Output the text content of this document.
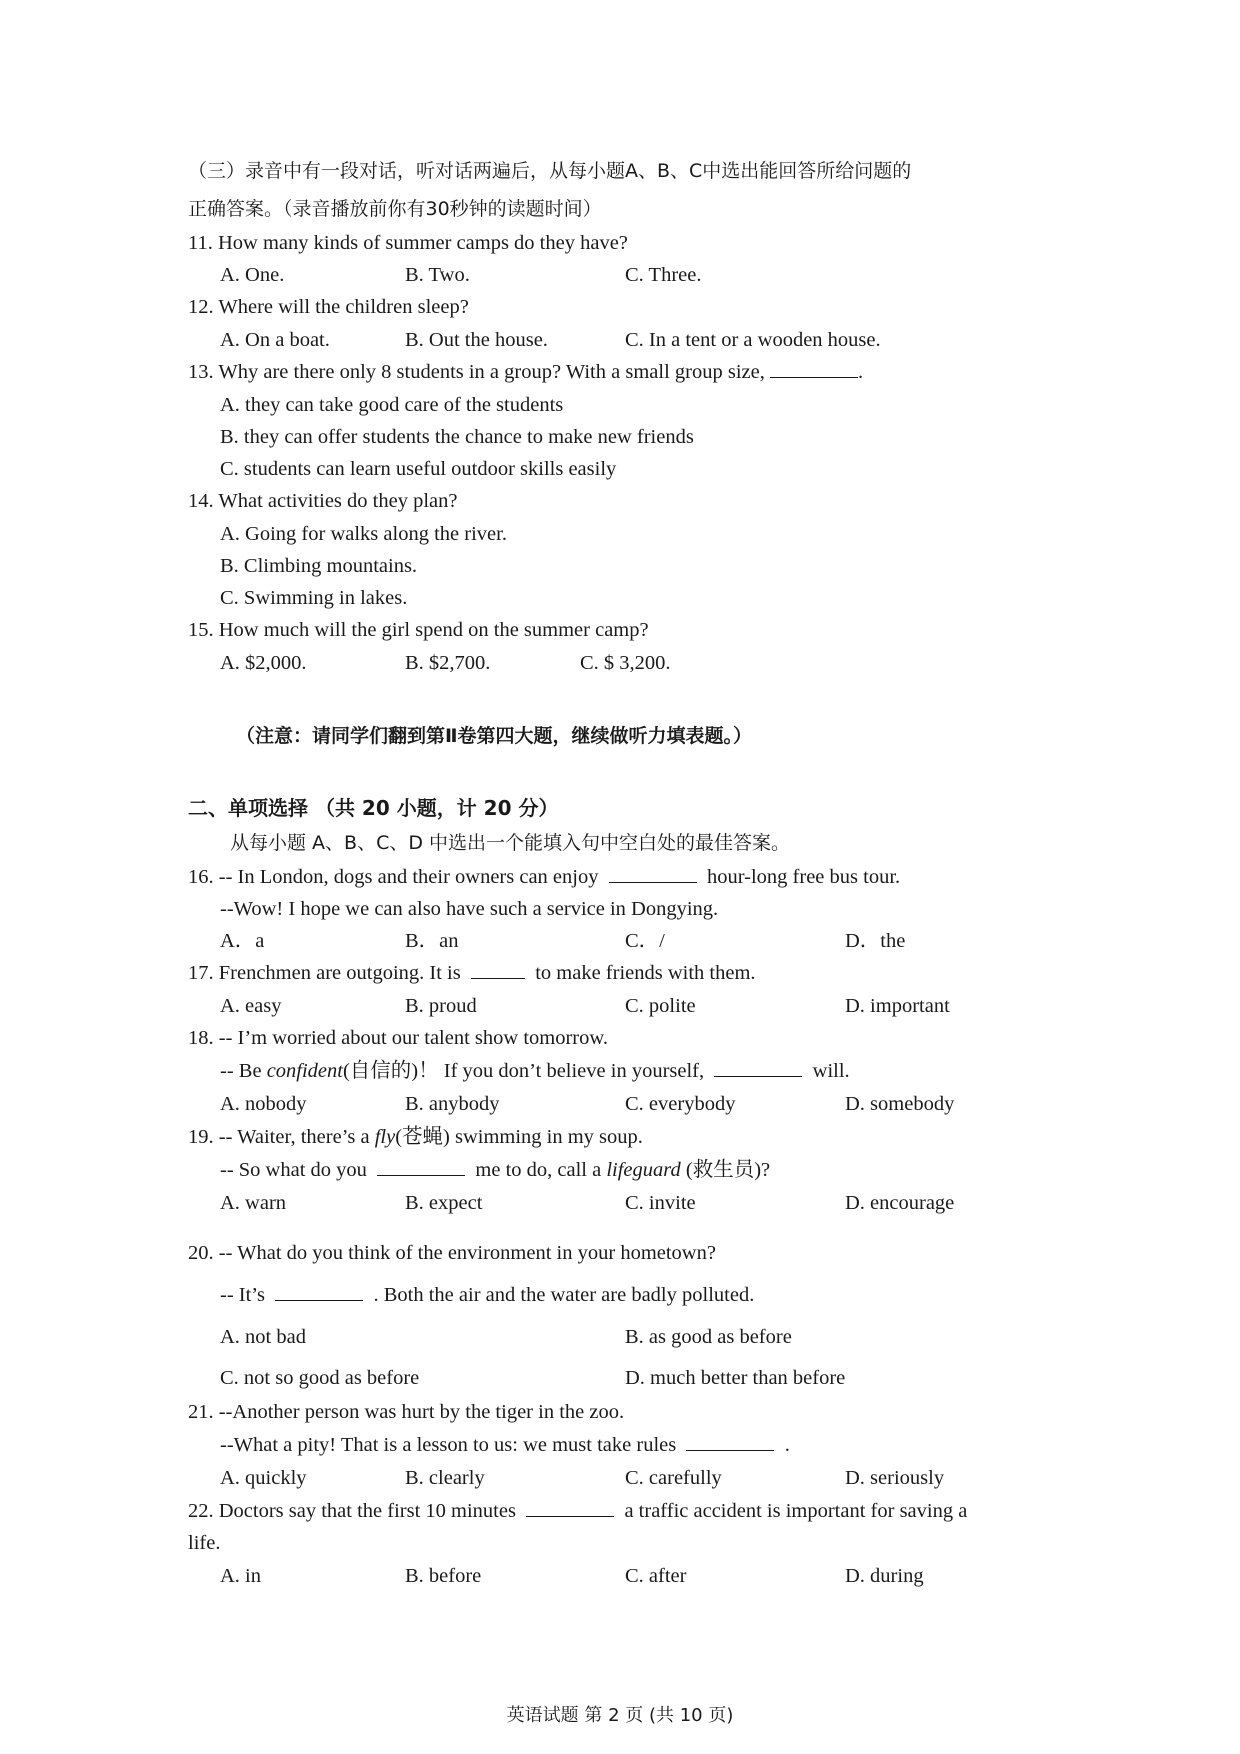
（三）录音中有一段对话，听对话两遍后，从每小题A、B、C中选出能回答所给问题的
正确答案。（录音播放前你有30秒钟的读题时间）
11. How many kinds of summer camps do they have?
A. One.	B. Two.	C. Three.
12. Where will the children sleep?
A. On a boat.	B. Out the house.	C. In a tent or a wooden house.
13. Why are there only 8 students in a group? With a small group size,	.
A. they can take good care of the students
B. they can offer students the chance to make new friends
C. students can learn useful outdoor skills easily
14. What activities do they plan?
A. Going for walks along the river.
B. Climbing mountains.
C. Swimming in lakes.
15. How much will the girl spend on the summer camp?
A. $2,000.	B. $2,700.	C. $ 3,200.
（注意：请同学们翻到第Ⅱ卷第四大题，继续做听力填表题。）
二、单项选择 （共 20 小题，计 20 分）
从每小题 A、B、C、D 中选出一个能填入句中空白处的最佳答案。
16. -- In London, dogs and their owners can enjoy	hour-long free bus tour.
--Wow! I hope we can also have such a service in Dongying.
A．a	B．an	C．/	D．the
17. Frenchmen are outgoing. It is	to make friends with them.
A. easy	B. proud	C. polite	D. important
18. -- I’m worried about our talent show tomorrow.
-- Be confident(自信的)！ If you don’t believe in yourself,	will.
A. nobody	B. anybody	C. everybody	D. somebody
19. -- Waiter, there’s a fly(苍蝇) swimming in my soup.
-- So what do you	me to do, call a lifeguard (救生员)?
A. warn	B. expect	C. invite	D. encourage
20. -- What do you think of the environment in your hometown?
-- It’s	. Both the air and the water are badly polluted.
A. not bad	B. as good as before
C. not so good as before	D. much better than before
21. --Another person was hurt by the tiger in the zoo.
--What a pity! That is a lesson to us: we must take rules	.
A. quickly	B. clearly	C. carefully	D. seriously
22. Doctors say that the first 10 minutes	a traffic accident is important for saving a
life.
A. in	B. before	C. after	D. during
英语试题 第 2 页 (共 10 页)
